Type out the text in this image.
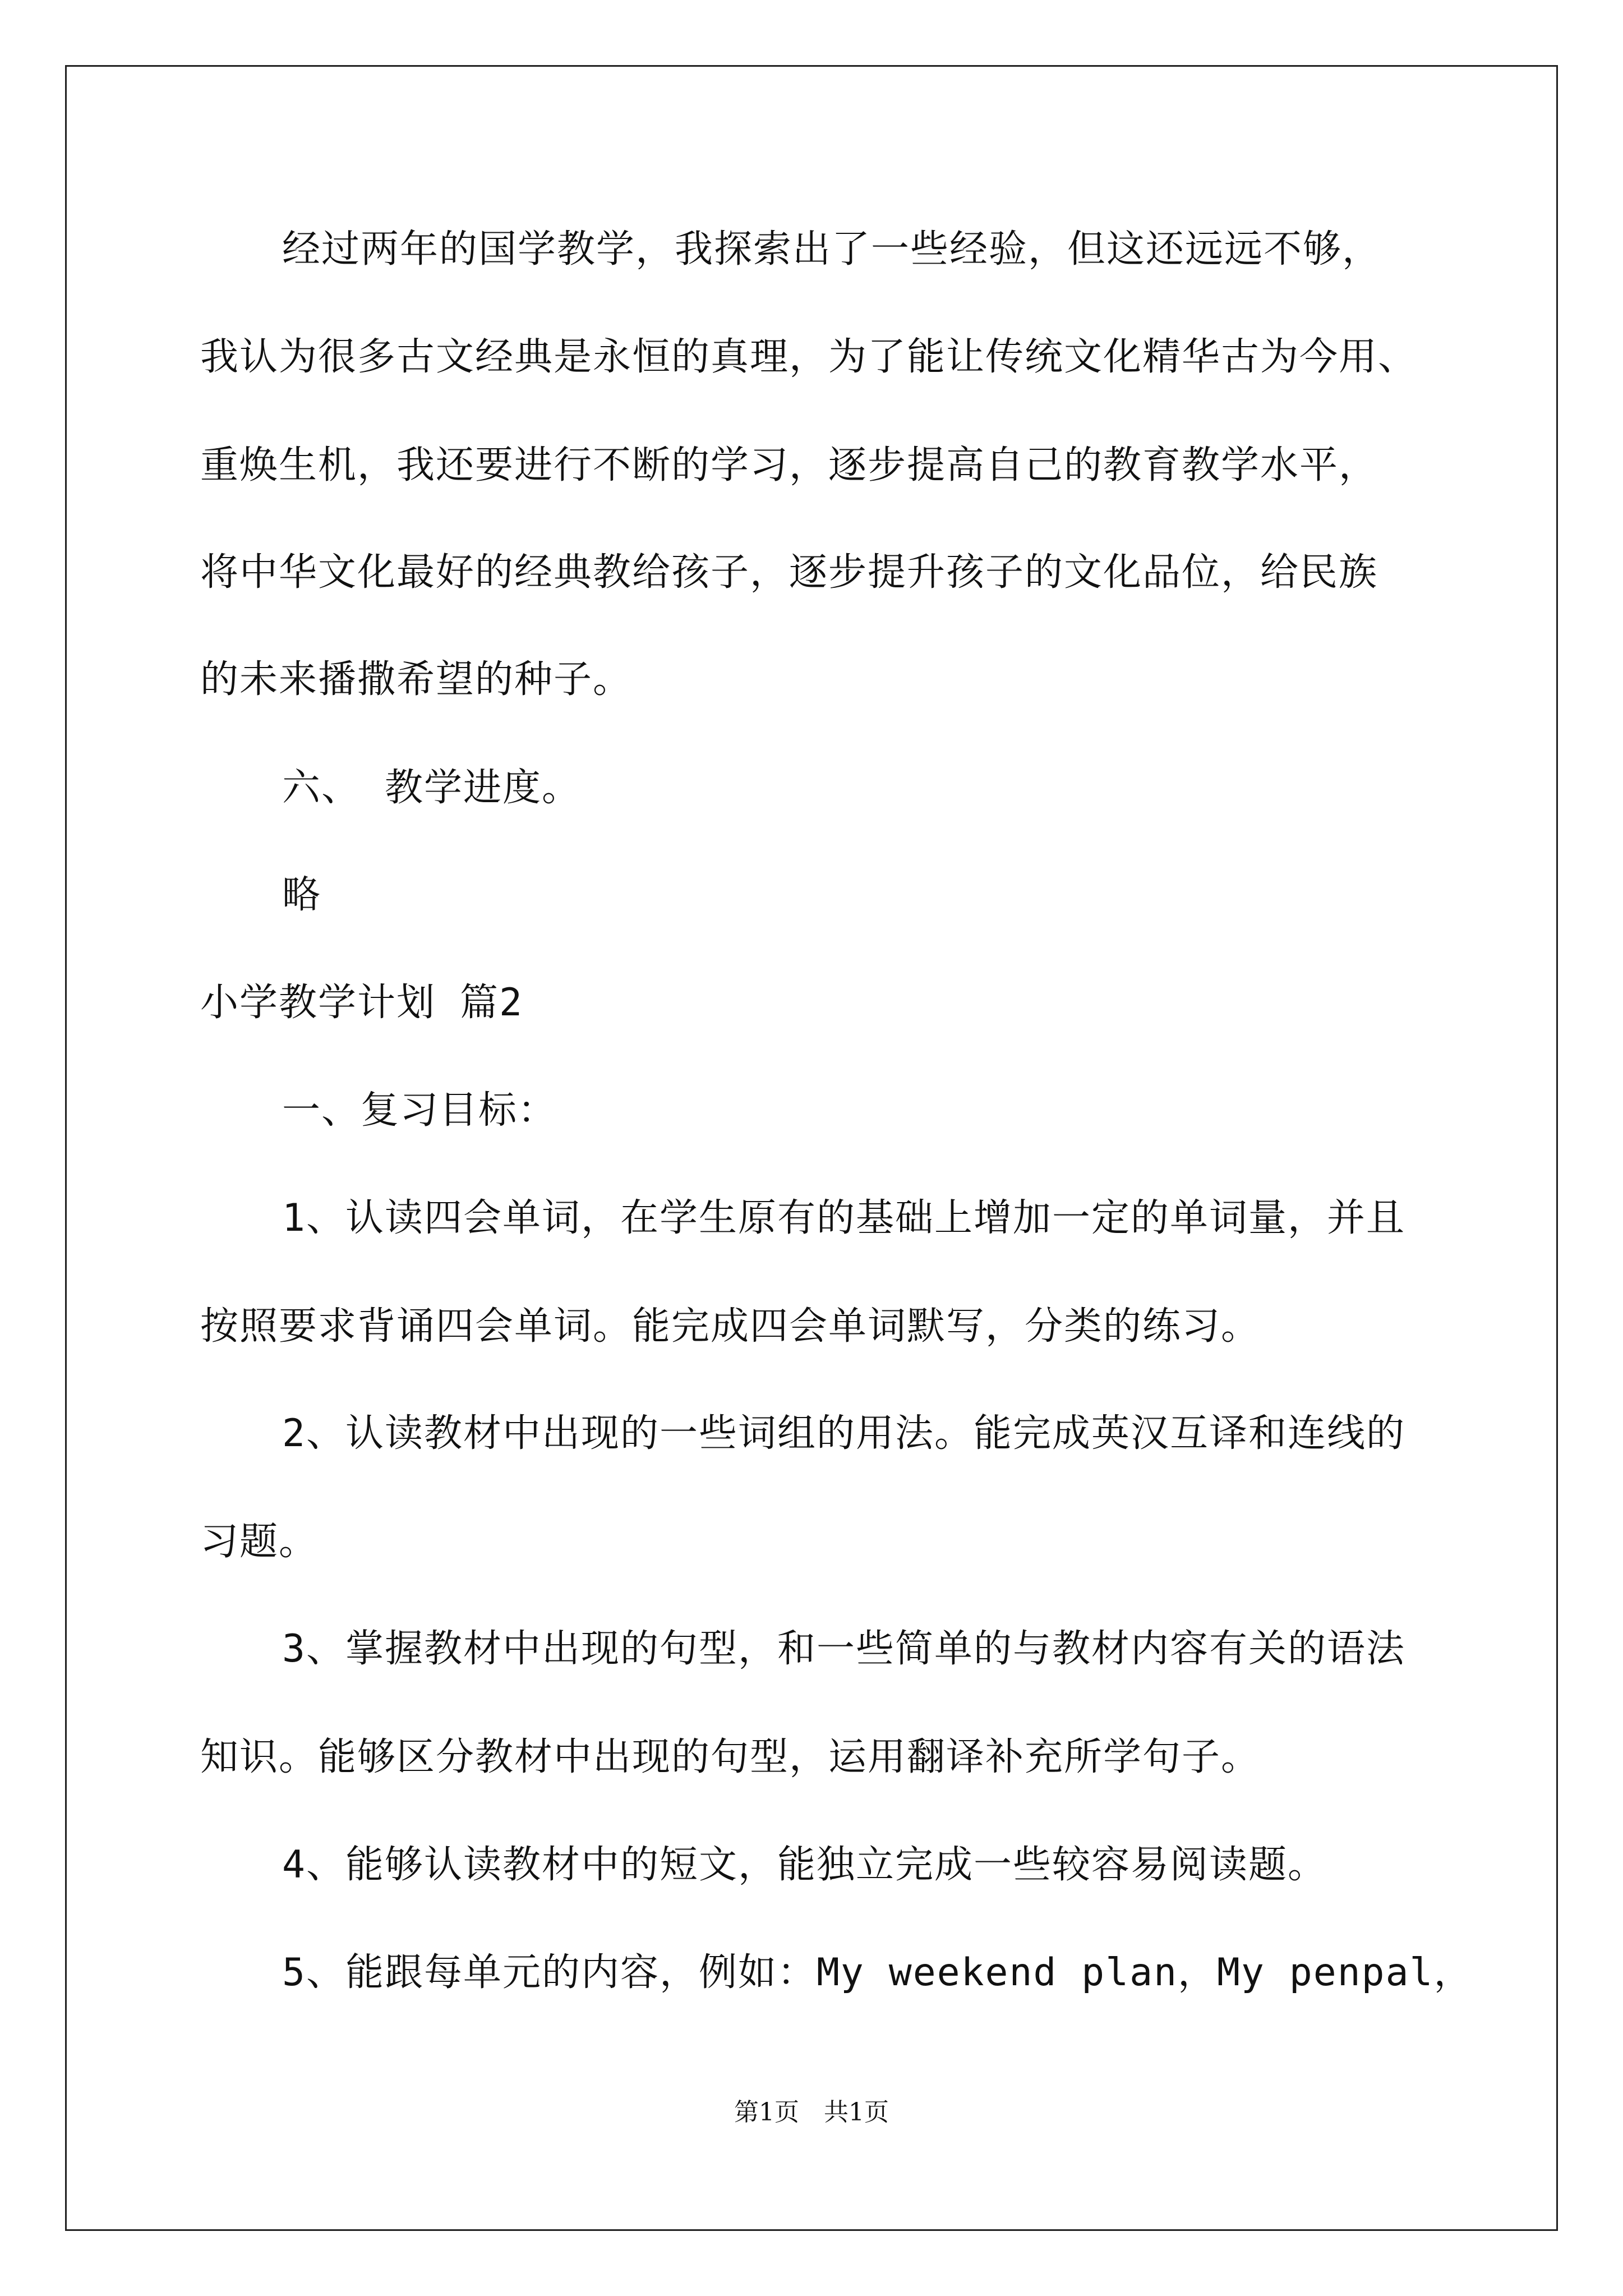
经过两年的国学教学，我探索出了一些经验，但这还远远不够，
我认为很多古文经典是永恒的真理，为了能让传统文化精华古为今用、
重焕生机，我还要进行不断的学习，逐步提高自己的教育教学水平，
将中华文化最好的经典教给孩子，逐步提升孩子的文化品位，给民族
的未来播撒希望的种子。
六、 教学进度。
略
小学教学计划 篇2
一、复习目标：
1、认读四会单词，在学生原有的基础上增加一定的单词量，并且
按照要求背诵四会单词。能完成四会单词默写，分类的练习。
2、认读教材中出现的一些词组的用法。能完成英汉互译和连线的
习题。
3、掌握教材中出现的句型，和一些简单的与教材内容有关的语法
知识。能够区分教材中出现的句型，运用翻译补充所学句子。
4、能够认读教材中的短文，能独立完成一些较容易阅读题。
5、能跟每单元的内容，例如：My weekend plan，My penpal，
第1页　共1页
